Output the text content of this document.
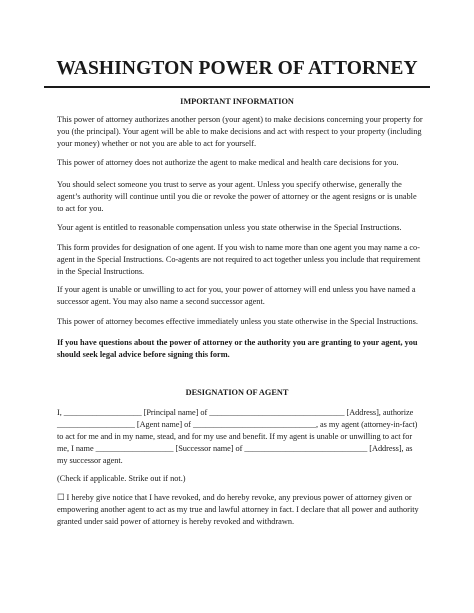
WASHINGTON POWER OF ATTORNEY
IMPORTANT INFORMATION

This power of attorney authorizes another person (your agent) to make decisions concerning your property for you (the principal). Your agent will be able to make decisions and act with respect to your property (including your money) whether or not you are able to act for yourself.

This power of attorney does not authorize the agent to make medical and health care decisions for you.

You should select someone you trust to serve as your agent. Unless you specify otherwise, generally the agent’s authority will continue until you die or revoke the power of attorney or the agent resigns or is unable to act for you.

Your agent is entitled to reasonable compensation unless you state otherwise in the Special Instructions.

This form provides for designation of one agent. If you wish to name more than one agent you may name a co-agent in the Special Instructions. Co-agents are not required to act together unless you include that requirement in the Special Instructions.

If your agent is unable or unwilling to act for you, your power of attorney will end unless you have named a successor agent. You may also name a second successor agent.

This power of attorney becomes effective immediately unless you state otherwise in the Special Instructions.

If you have questions about the power of attorney or the authority you are granting to your agent, you should seek legal advice before signing this form.

DESIGNATION OF AGENT

I, ___________________ [Principal name] of _________________________________ [Address], authorize ___________________ [Agent name] of ______________________________, as my agent (attorney-in-fact) to act for me and in my name, stead, and for my use and benefit. If my agent is unable or unwilling to act for me, I name ___________________ [Successor name] of ______________________________ [Address], as my successor agent.

(Check if applicable. Strike out if not.)

☐ I hereby give notice that I have revoked, and do hereby revoke, any previous power of attorney given or empowering another agent to act as my true and lawful attorney in fact. I declare that all power and authority granted under said power of attorney is hereby revoked and withdrawn.
